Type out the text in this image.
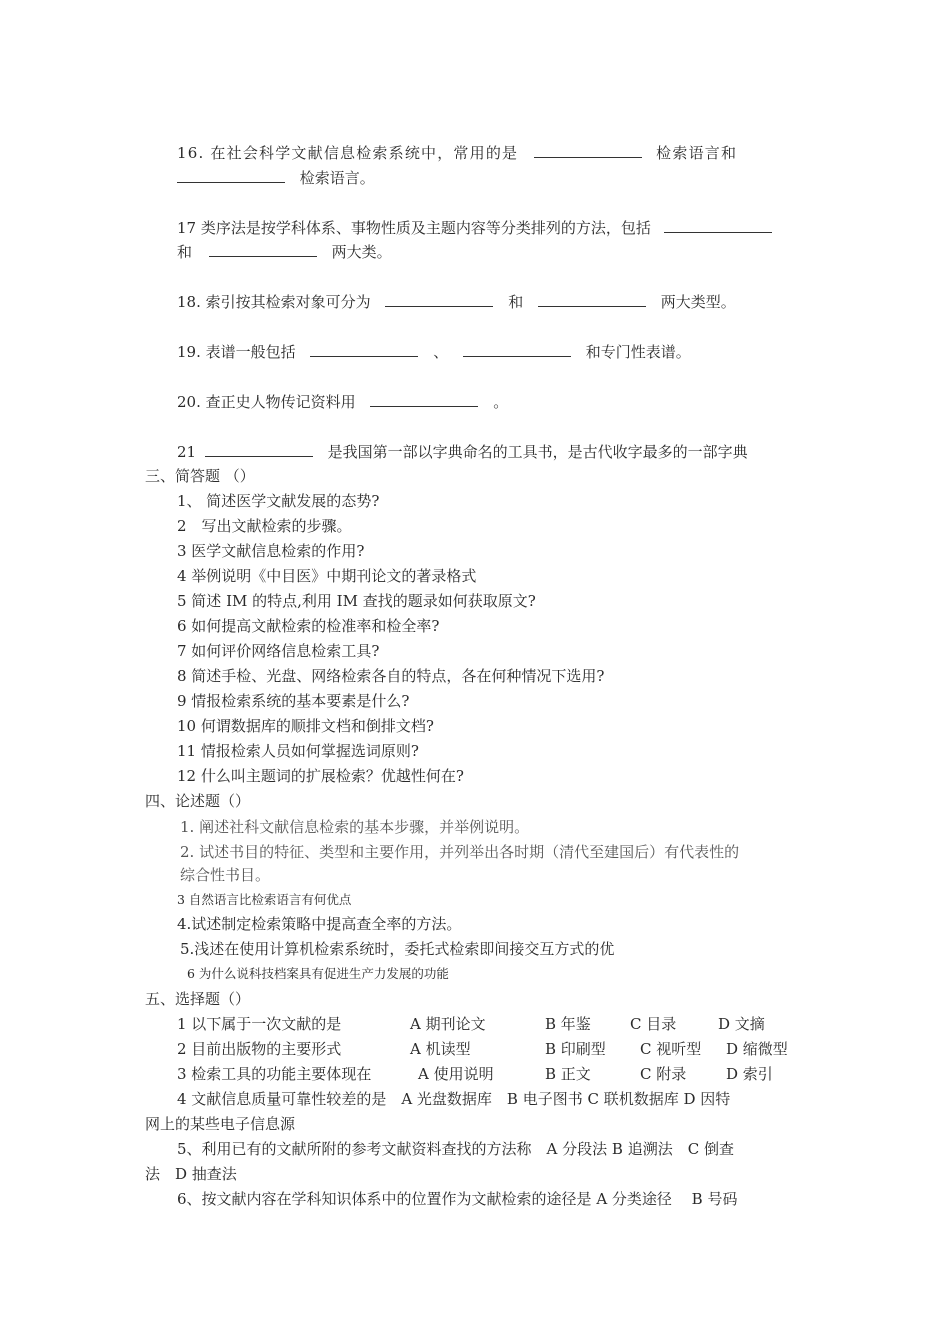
16. 在社会科学文献信息检索系统中，常用的是	检索语言和
检索语言。
17 类序法是按学科体系、事物性质及主题内容等分类排列的方法，包括
和	两大类。
18. 索引按其检索对象可分为	和	两大类型。
19. 表谱一般包括	、	和专门性表谱。
20. 查正史人物传记资料用	。
21	是我国第一部以字典命名的工具书，是古代收字最多的一部字典
三、简答题 （）
1、 简述医学文献发展的态势?
2　写出文献检索的步骤。
3 医学文献信息检索的作用?
4 举例说明《中目医》中期刊论文的著录格式
5 简述 IM 的特点,利用 IM 查找的题录如何获取原文?
6 如何提高文献检索的检准率和检全率?
7 如何评价网络信息检索工具?
8 简述手检、光盘、网络检索各自的特点，各在何种情况下选用?
9 情报检索系统的基本要素是什么?
10 何谓数据库的顺排文档和倒排文档?
11 情报检索人员如何掌握选词原则?
12 什么叫主题词的扩展检索？优越性何在?
四、论述题（）
1. 阐述社科文献信息检索的基本步骤，并举例说明。
2. 试述书目的特征、类型和主要作用，并列举出各时期（清代至建国后）有代表性的
综合性书目。
3 自然语言比检索语言有何优点
4.试述制定检索策略中提高查全率的方法。
5.浅述在使用计算机检索系统时，委托式检索即间接交互方式的优
6 为什么说科技档案具有促进生产力发展的功能
五、选择题（）
1 以下属于一次文献的是	A 期刊论文	B 年鉴	C 目录	D 文摘
2 目前出版物的主要形式	A 机读型	B 印刷型 C 视听型 D 缩微型
3 检索工具的功能主要体现在	A 使用说明	B 正文	C 附录	D 索引
4 文献信息质量可靠性较差的是　A 光盘数据库　B 电子图书 C 联机数据库 D 因特
网上的某些电子信息源
5、利用已有的文献所附的参考文献资料查找的方法称　A 分段法 B 追溯法　C 倒查
法　D 抽查法
6、按文献内容在学科知识体系中的位置作为文献检索的途径是 A 分类途径　 B 号码
